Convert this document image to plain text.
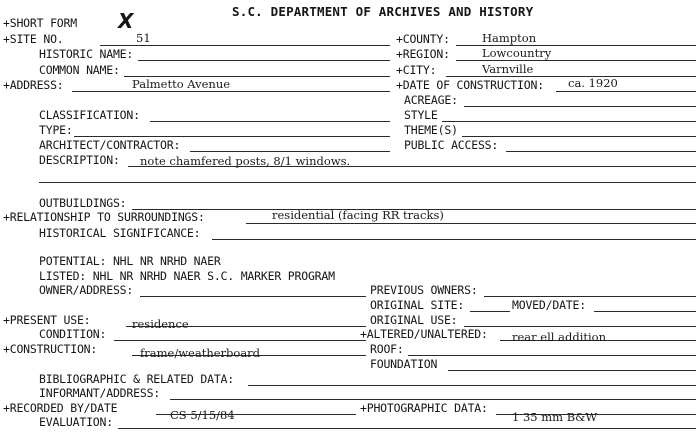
S.C. DEPARTMENT OF ARCHIVES AND HISTORY
+SHORT FORM X
+SITE NO.	51	+COUNTY:	Hampton
HISTORIC NAME:	+REGION:	Lowcountry
COMMON NAME:	+CITY:	Varnville
+ADDRESS:	Palmetto Avenue	+DATE OF CONSTRUCTION: ca. 1920
ACREAGE:
CLASSIFICATION:	STYLE
TYPE:	THEME(S)
ARCHITECT/CONTRACTOR:	PUBLIC ACCESS:
DESCRIPTION: note chamfered posts, 8/1 windows.
OUTBUILDINGS:
+RELATIONSHIP TO SURROUNDINGS:	residential (facing RR tracks)
HISTORICAL SIGNIFICANCE:
POTENTIAL: NHL NR NRHD NAER
LISTED: NHL NR NRHD NAER S.C. MARKER PROGRAM
OWNER/ADDRESS:	PREVIOUS OWNERS:
ORIGINAL SITE:	MOVED/DATE:
+PRESENT USE:	residence	ORIGINAL USE:
CONDITION:	+ALTERED/UNALTERED: rear ell addition
+CONSTRUCTION:	frame/weatherboard	ROOF:
FOUNDATION
BIBLIOGRAPHIC & RELATED DATA:
INFORMANT/ADDRESS:
+RECORDED BY/DATE	CS 5/15/84	+PHOTOGRAPHIC DATA:
1 35 mm B&W
EVALUATION:
